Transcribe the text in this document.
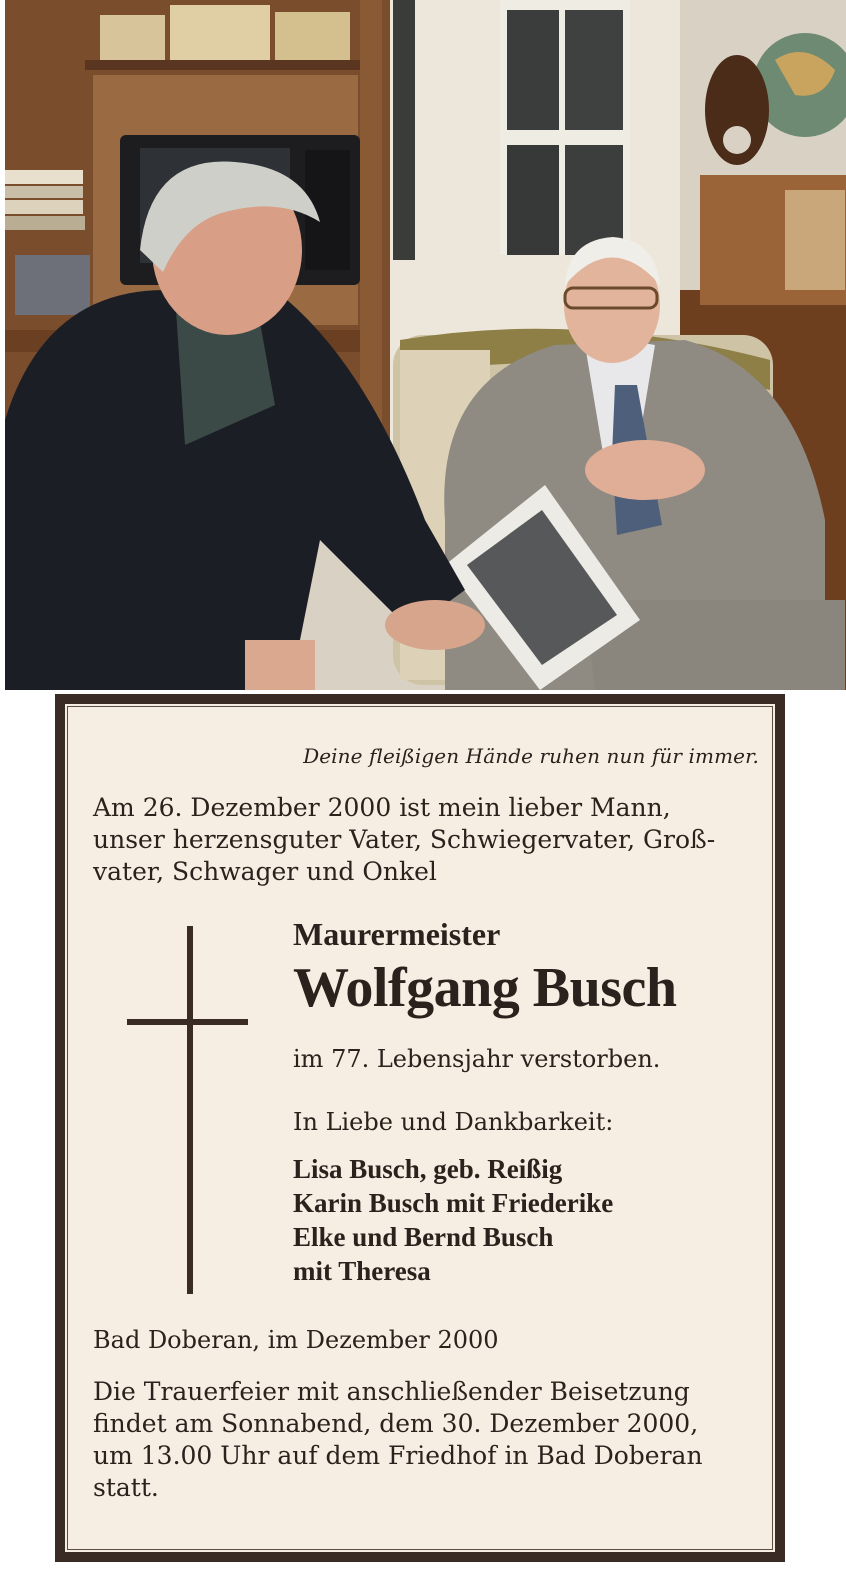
Deine fleißigen Hände ruhen nun für immer.
Am 26. Dezember 2000 ist mein lieber Mann,
unser herzensguter Vater, Schwiegervater, Groß-
vater, Schwager und Onkel
Maurermeister
Wolfgang Busch
im 77. Lebensjahr verstorben.
In Liebe und Dankbarkeit:
Lisa Busch, geb. Reißig
Karin Busch mit Friederike
Elke und Bernd Busch
mit Theresa
Bad Doberan, im Dezember 2000
Die Trauerfeier mit anschließender Beisetzung
findet am Sonnabend, dem 30. Dezember 2000,
um 13.00 Uhr auf dem Friedhof in Bad Doberan
statt.
